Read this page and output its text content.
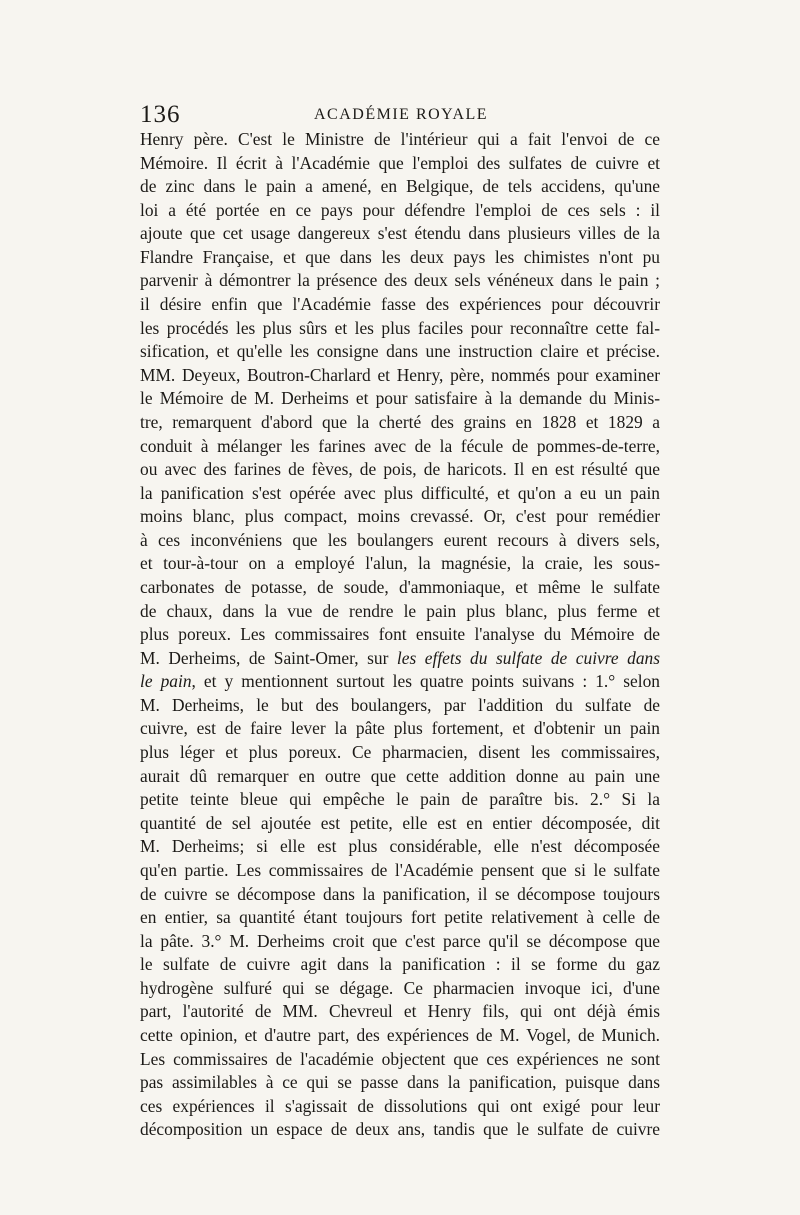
136	ACADÉMIE ROYALE
Henry père. C'est le Ministre de l'intérieur qui a fait l'envoi de ce
Mémoire. Il écrit à l'Académie que l'emploi des sulfates de cuivre et
de zinc dans le pain a amené, en Belgique, de tels accidens, qu'une
loi a été portée en ce pays pour défendre l'emploi de ces sels : il
ajoute que cet usage dangereux s'est étendu dans plusieurs villes de la
Flandre Française, et que dans les deux pays les chimistes n'ont pu
parvenir à démontrer la présence des deux sels vénéneux dans le pain ;
il désire enfin que l'Académie fasse des expériences pour découvrir
les procédés les plus sûrs et les plus faciles pour reconnaître cette fal-
sification, et qu'elle les consigne dans une instruction claire et précise.
MM. Deyeux, Boutron-Charlard et Henry, père, nommés pour examiner
le Mémoire de M. Derheims et pour satisfaire à la demande du Minis-
tre, remarquent d'abord que la cherté des grains en 1828 et 1829 a
conduit à mélanger les farines avec de la fécule de pommes-de-terre,
ou avec des farines de fèves, de pois, de haricots. Il en est résulté que
la panification s'est opérée avec plus difficulté, et qu'on a eu un pain
moins blanc, plus compact, moins crevassé. Or, c'est pour remédier
à ces inconvéniens que les boulangers eurent recours à divers sels,
et tour-à-tour on a employé l'alun, la magnésie, la craie, les sous-
carbonates de potasse, de soude, d'ammoniaque, et même le sulfate
de chaux, dans la vue de rendre le pain plus blanc, plus ferme et
plus poreux. Les commissaires font ensuite l'analyse du Mémoire de
M. Derheims, de Saint-Omer, sur les effets du sulfate de cuivre dans
le pain, et y mentionnent surtout les quatre points suivans : 1.° selon
M. Derheims, le but des boulangers, par l'addition du sulfate de
cuivre, est de faire lever la pâte plus fortement, et d'obtenir un pain
plus léger et plus poreux. Ce pharmacien, disent les commissaires,
aurait dû remarquer en outre que cette addition donne au pain une
petite teinte bleue qui empêche le pain de paraître bis. 2.° Si la
quantité de sel ajoutée est petite, elle est en entier décomposée, dit
M. Derheims; si elle est plus considérable, elle n'est décomposée
qu'en partie. Les commissaires de l'Académie pensent que si le sulfate
de cuivre se décompose dans la panification, il se décompose toujours
en entier, sa quantité étant toujours fort petite relativement à celle de
la pâte. 3.° M. Derheims croit que c'est parce qu'il se décompose que
le sulfate de cuivre agit dans la panification : il se forme du gaz
hydrogène sulfuré qui se dégage. Ce pharmacien invoque ici, d'une
part, l'autorité de MM. Chevreul et Henry fils, qui ont déjà émis
cette opinion, et d'autre part, des expériences de M. Vogel, de Munich.
Les commissaires de l'académie objectent que ces expériences ne sont
pas assimilables à ce qui se passe dans la panification, puisque dans
ces expériences il s'agissait de dissolutions qui ont exigé pour leur
décomposition un espace de deux ans, tandis que le sulfate de cuivre
